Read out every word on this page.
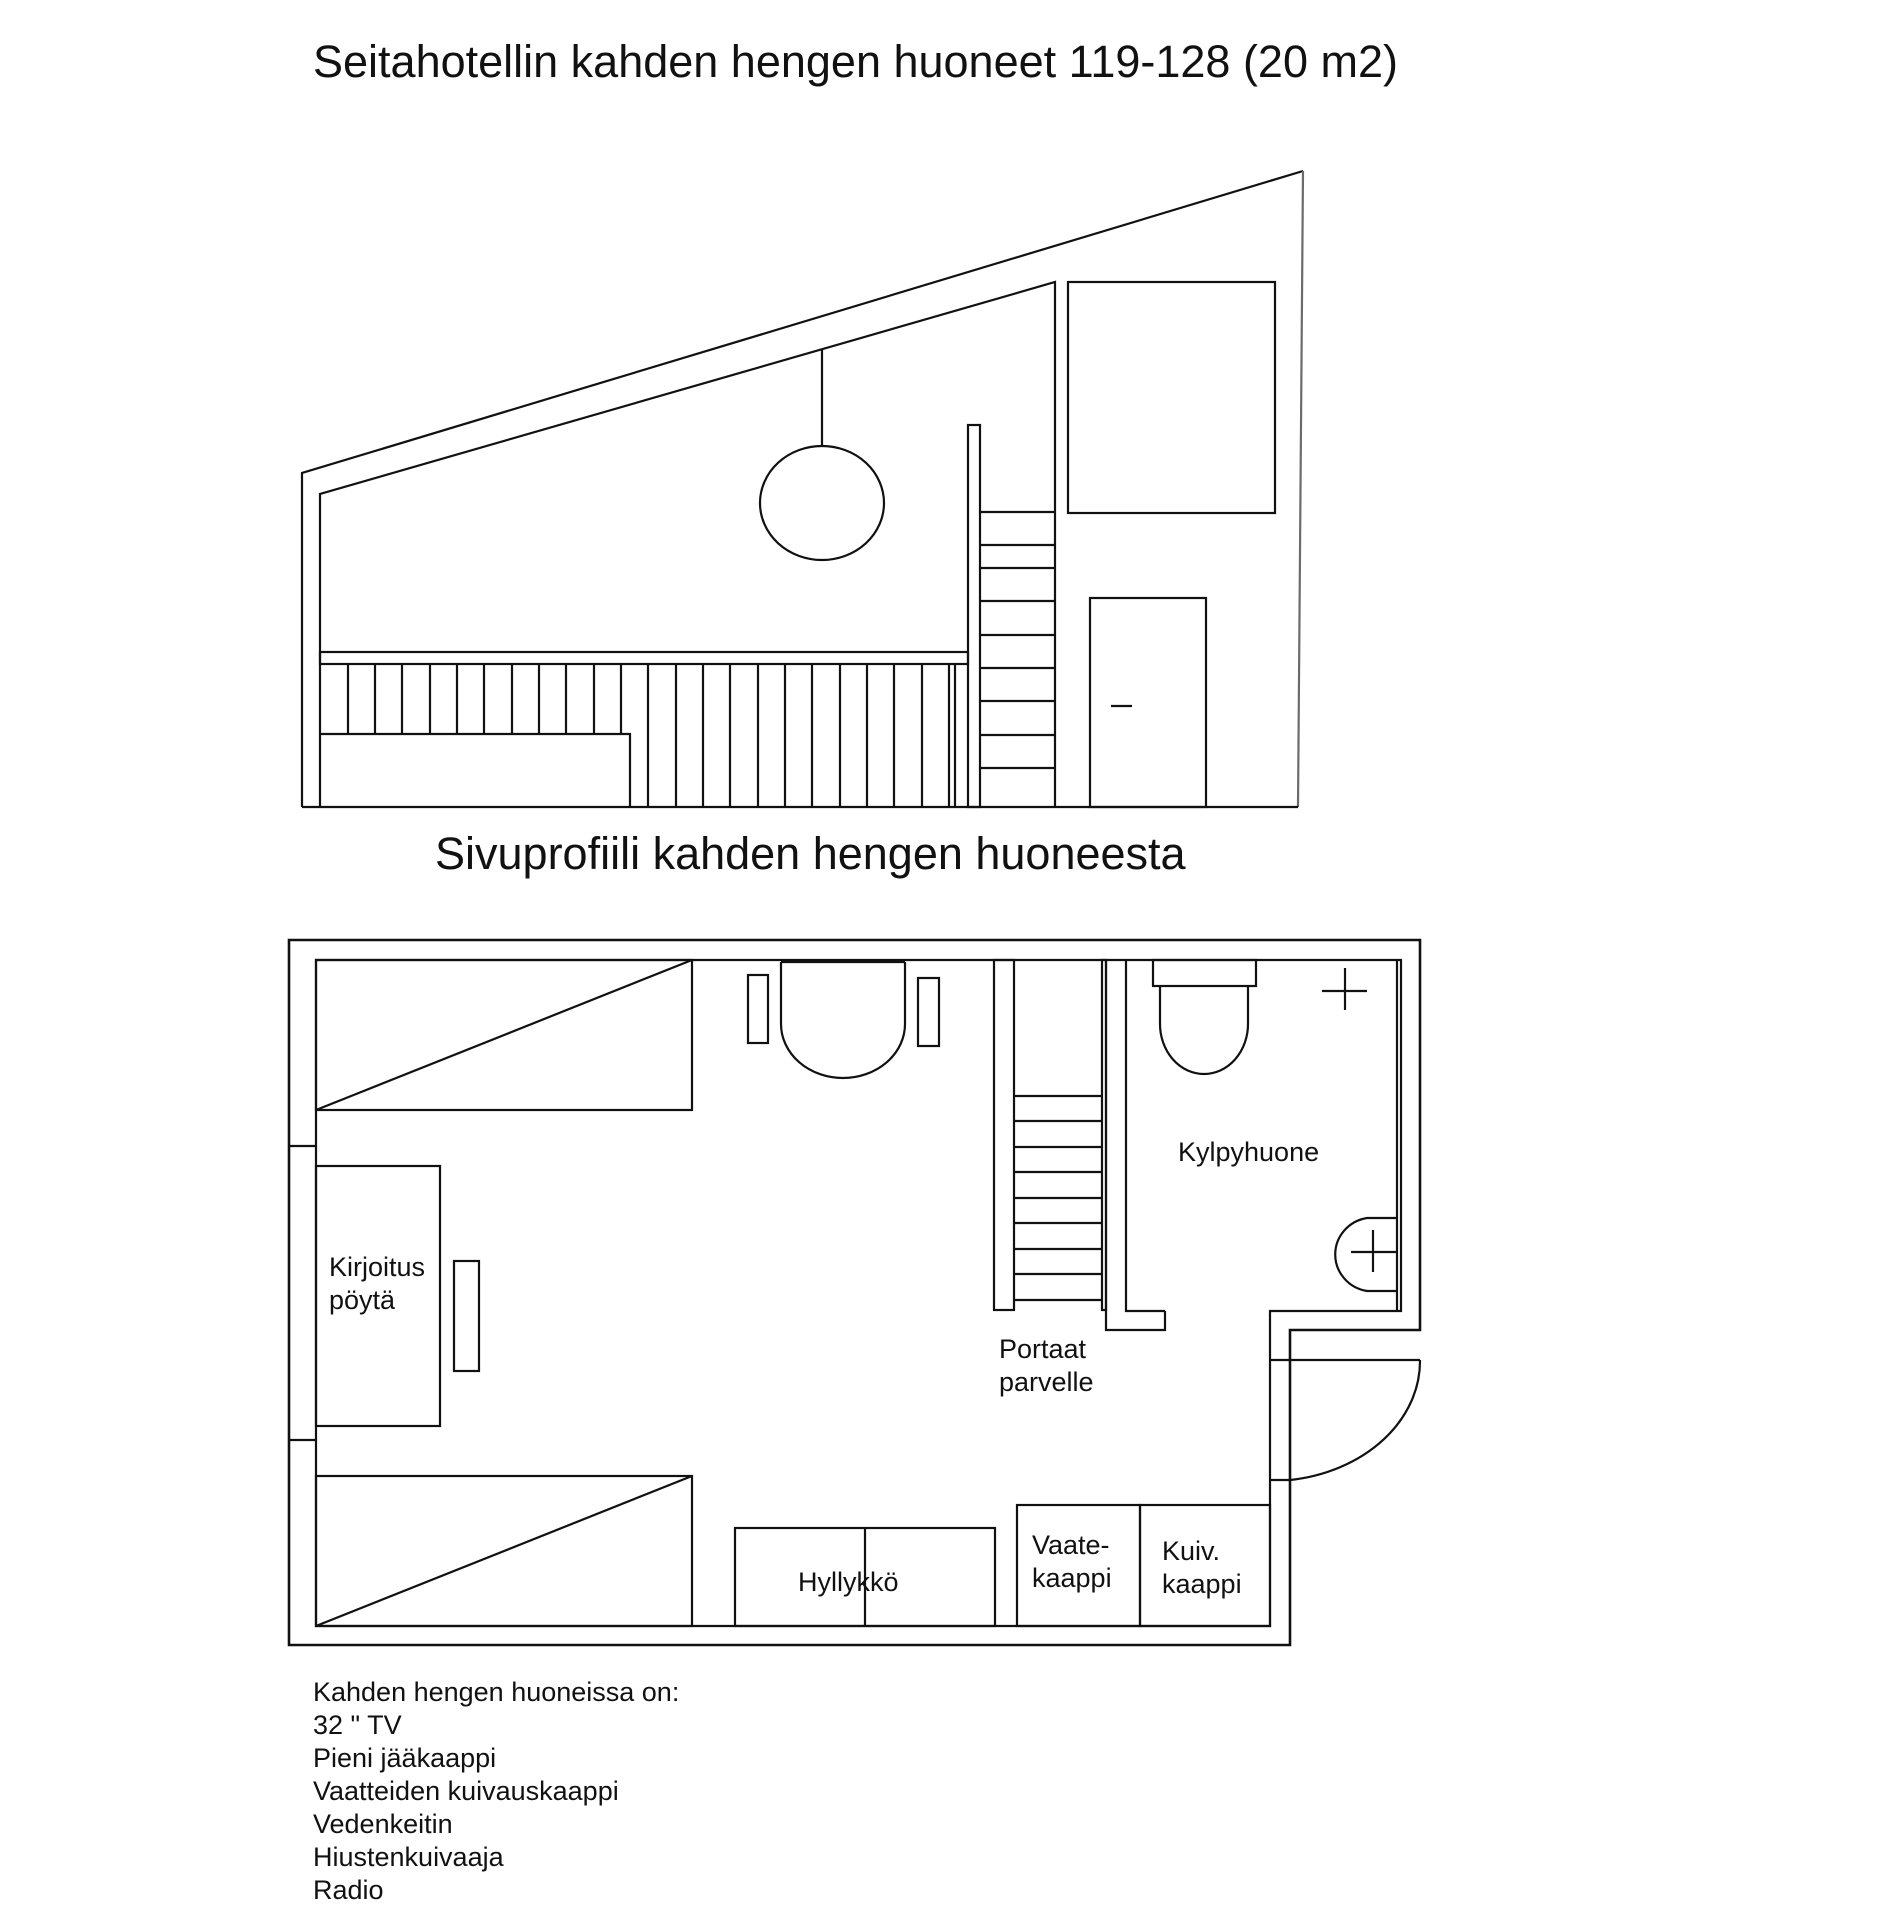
Seitahotellin kahden hengen huoneet 119-128 (20 m2)
Sivuprofiili kahden hengen huoneesta
Kylpyhuone
Portaat
parvelle
Kirjoitus
pöytä
Hyllykkö
Vaate-
kaappi
Kuiv.
kaappi
Kahden hengen huoneissa on:
32 " TV
Pieni jääkaappi
Vaatteiden kuivauskaappi
Vedenkeitin
Hiustenkuivaaja
Radio
